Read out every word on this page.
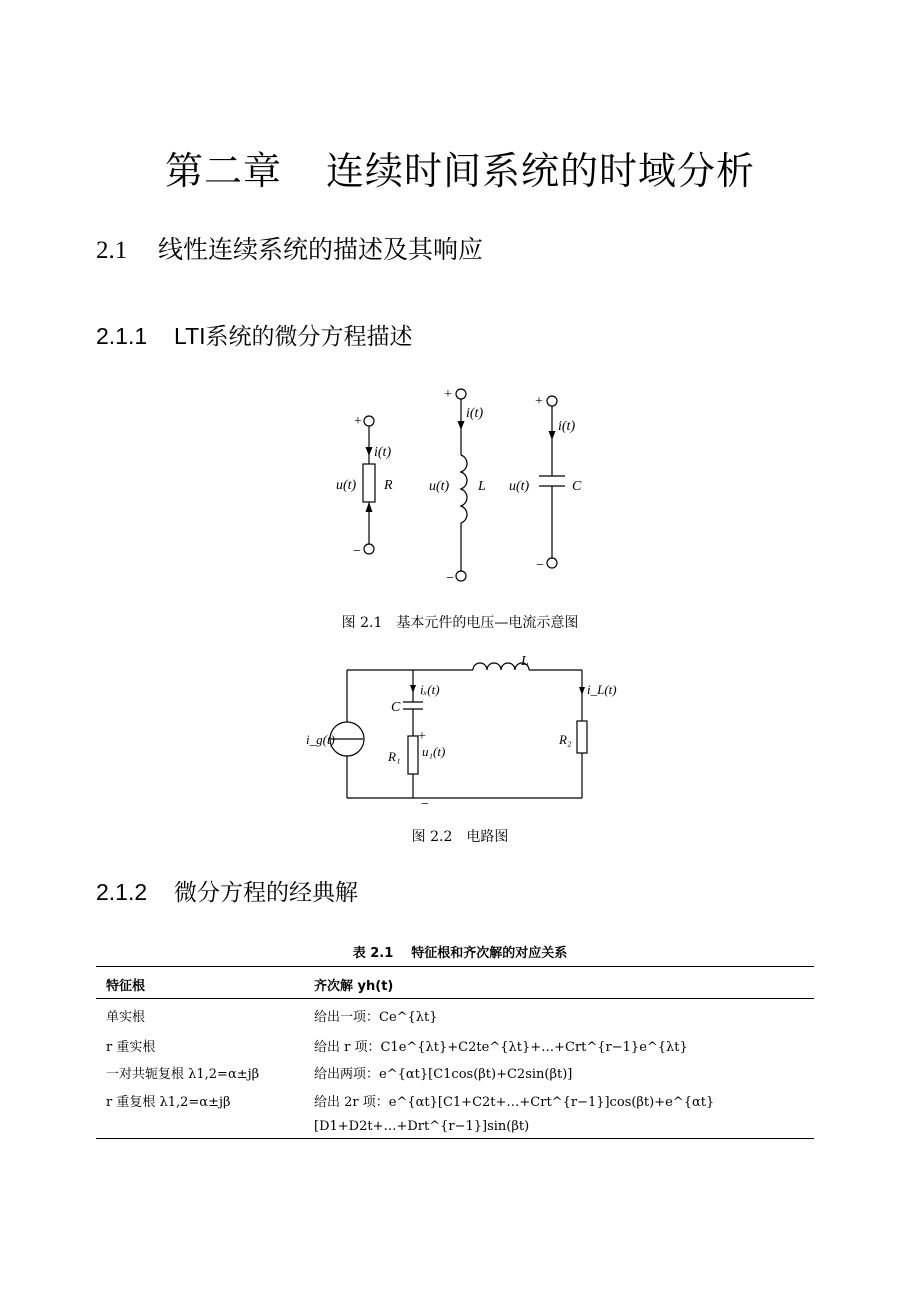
第二章 连续时间系统的时域分析
2.1 线性连续系统的描述及其响应
2.1.1 LTI系统的微分方程描述
+
−
i(t)
u(t) R
+
−
i(t)
u(t) L
+
−
i(t)
u(t)	C
图 2.1 基本元件的电压—电流示意图
L
C
iₓ(t)	i_L(t)
i_g(t)
R₁
R₂
u₁(t)
+
−
图 2.2 电路图
2.1.2 微分方程的经典解
表 2.1 特征根和齐次解的对应关系
特征根	齐次解 yh(t)
单实根	给出一项：Ce^{λt}
r 重实根	给出 r 项：C1e^{λt}+C2te^{λt}+…+Crt^{r−1}e^{λt}
一对共轭复根 λ1,2=α±jβ	给出两项：e^{αt}[C1cos(βt)+C2sin(βt)]
r 重复根 λ1,2=α±jβ	给出 2r 项：e^{αt}[C1+C2t+…+Crt^{r−1}]cos(βt)+e^{αt}[D1+D2t+…+Drt^{r−1}]sin(βt)
